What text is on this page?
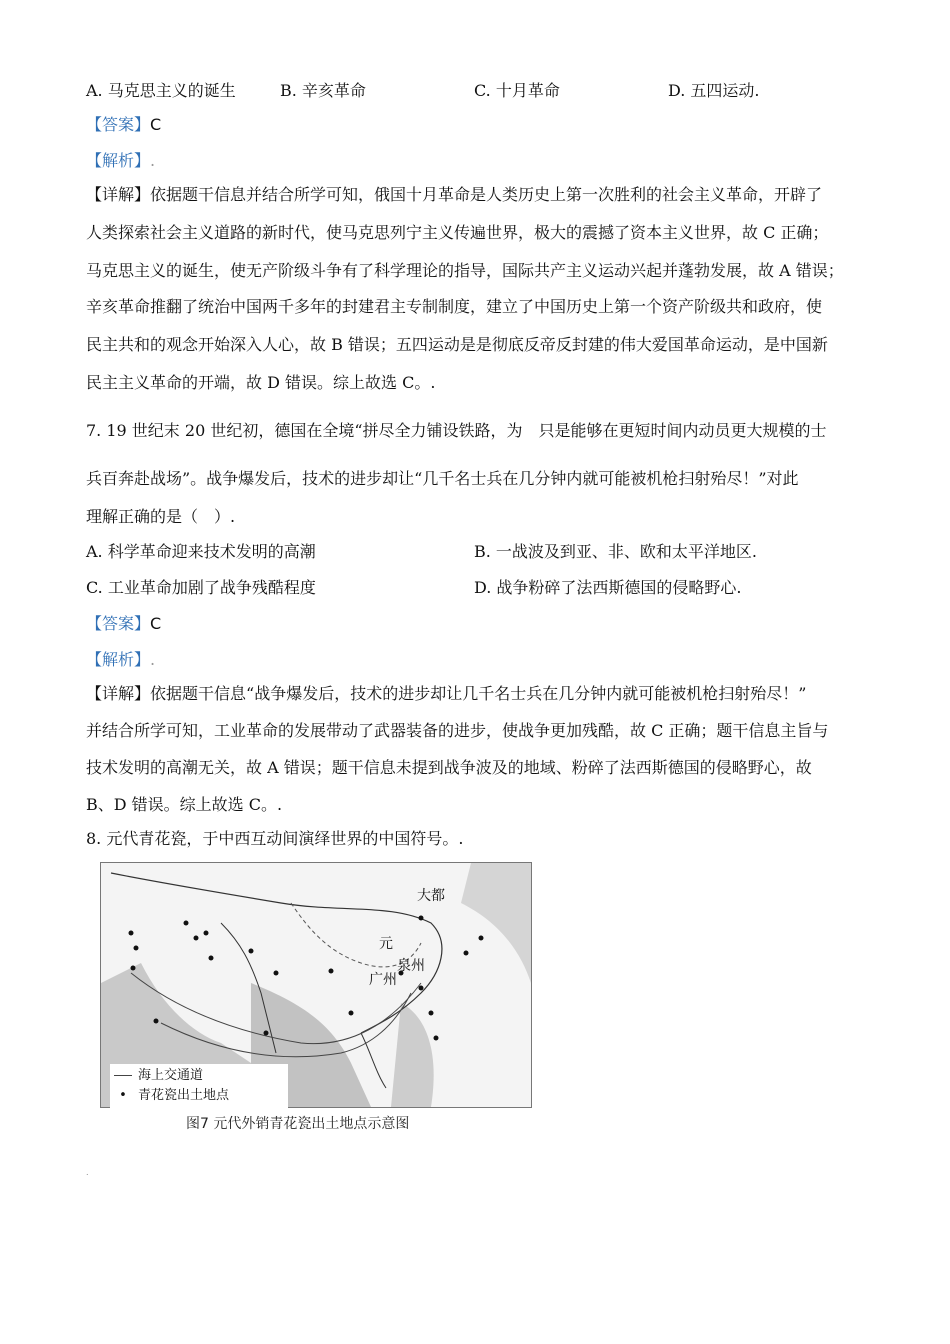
A. 马克思主义的诞生	B. 辛亥革命	C. 十月革命	D. 五四运动.
【答案】C
【解析】.
【详解】依据题干信息并结合所学可知，俄国十月革命是人类历史上第一次胜利的社会主义革命，开辟了
人类探索社会主义道路的新时代，使马克思列宁主义传遍世界，极大的震撼了资本主义世界，故 C 正确；
马克思主义的诞生，使无产阶级斗争有了科学理论的指导，国际共产主义运动兴起并蓬勃发展，故 A 错误；
辛亥革命推翻了统治中国两千多年的封建君主专制制度，建立了中国历史上第一个资产阶级共和政府，使
民主共和的观念开始深入人心，故 B 错误；五四运动是是彻底反帝反封建的伟大爱国革命运动，是中国新
民主主义革命的开端，故 D 错误。综上故选 C。.
7. 19 世纪末 20 世纪初，德国在全境“拼尽全力铺设铁路，为　只是能够在更短时间内动员更大规模的士
兵百奔赴战场”。战争爆发后，技术的进步却让“几千名士兵在几分钟内就可能被机枪扫射殆尽！”对此
理解正确的是（　）.
A. 科学革命迎来技术发明的高潮	B. 一战波及到亚、非、欧和太平洋地区.
C. 工业革命加剧了战争残酷程度	D. 战争粉碎了法西斯德国的侵略野心.
【答案】C
【解析】.
【详解】依据题干信息“战争爆发后，技术的进步却让几千名士兵在几分钟内就可能被机枪扫射殆尽！”
并结合所学可知，工业革命的发展带动了武器装备的进步，使战争更加残酷，故 C 正确；题干信息主旨与
技术发明的高潮无关，故 A 错误；题干信息未提到战争波及的地域、粉碎了法西斯德国的侵略野心，故
B、D 错误。综上故选 C。.
8. 元代青花瓷，于中西互动间演绎世界的中国符号。.
大都
元
泉州
广州
海上交通道
• 青花瓷出土地点
图7 元代外销青花瓷出土地点示意图
.
